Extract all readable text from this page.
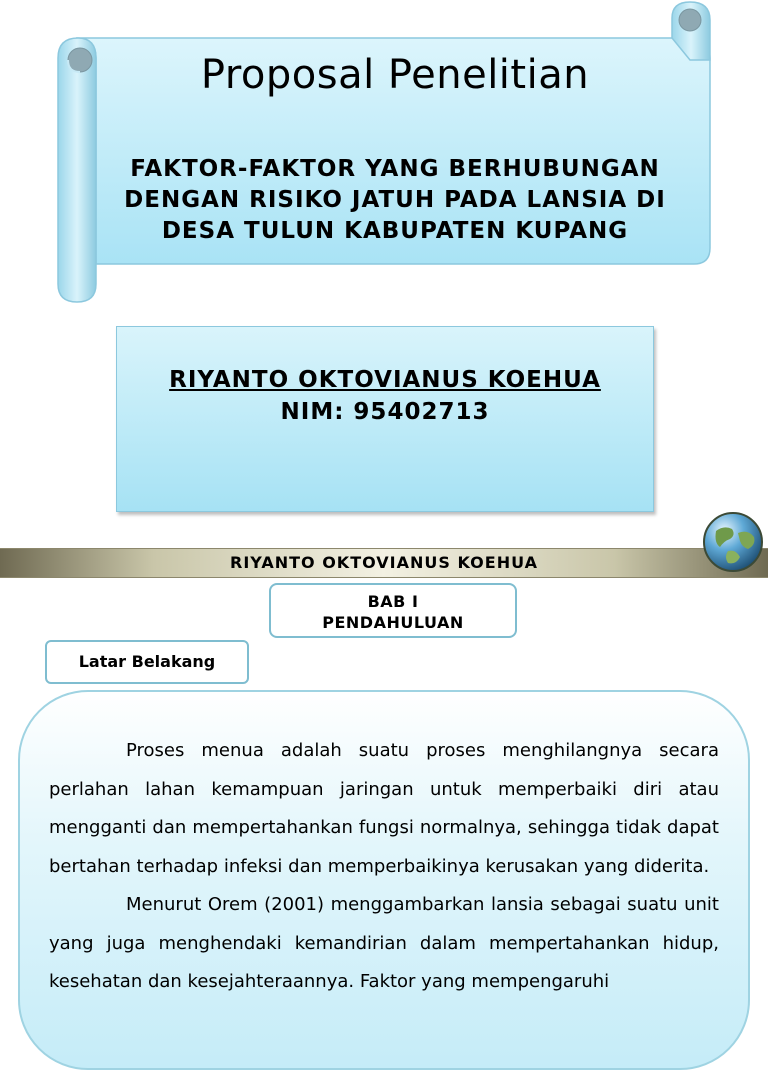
Proposal Penelitian
FAKTOR-FAKTOR YANG BERHUBUNGAN
DENGAN RISIKO JATUH PADA LANSIA DI
DESA TULUN KABUPATEN KUPANG
RIYANTO OKTOVIANUS KOEHUA
NIM: 95402713
RIYANTO OKTOVIANUS KOEHUA
BAB I
PENDAHULUAN
Latar Belakang

Proses menua adalah suatu proses menghilangnya secara perlahan lahan kemampuan jaringan untuk memperbaiki diri atau mengganti dan mempertahankan fungsi normalnya, sehingga tidak dapat bertahan terhadap infeksi dan memperbaikinya kerusakan yang diderita.

Menurut Orem (2001) menggambarkan lansia sebagai suatu unit yang juga menghendaki kemandirian dalam mempertahankan hidup, kesehatan dan kesejahteraannya. Faktor yang mempengaruhi
